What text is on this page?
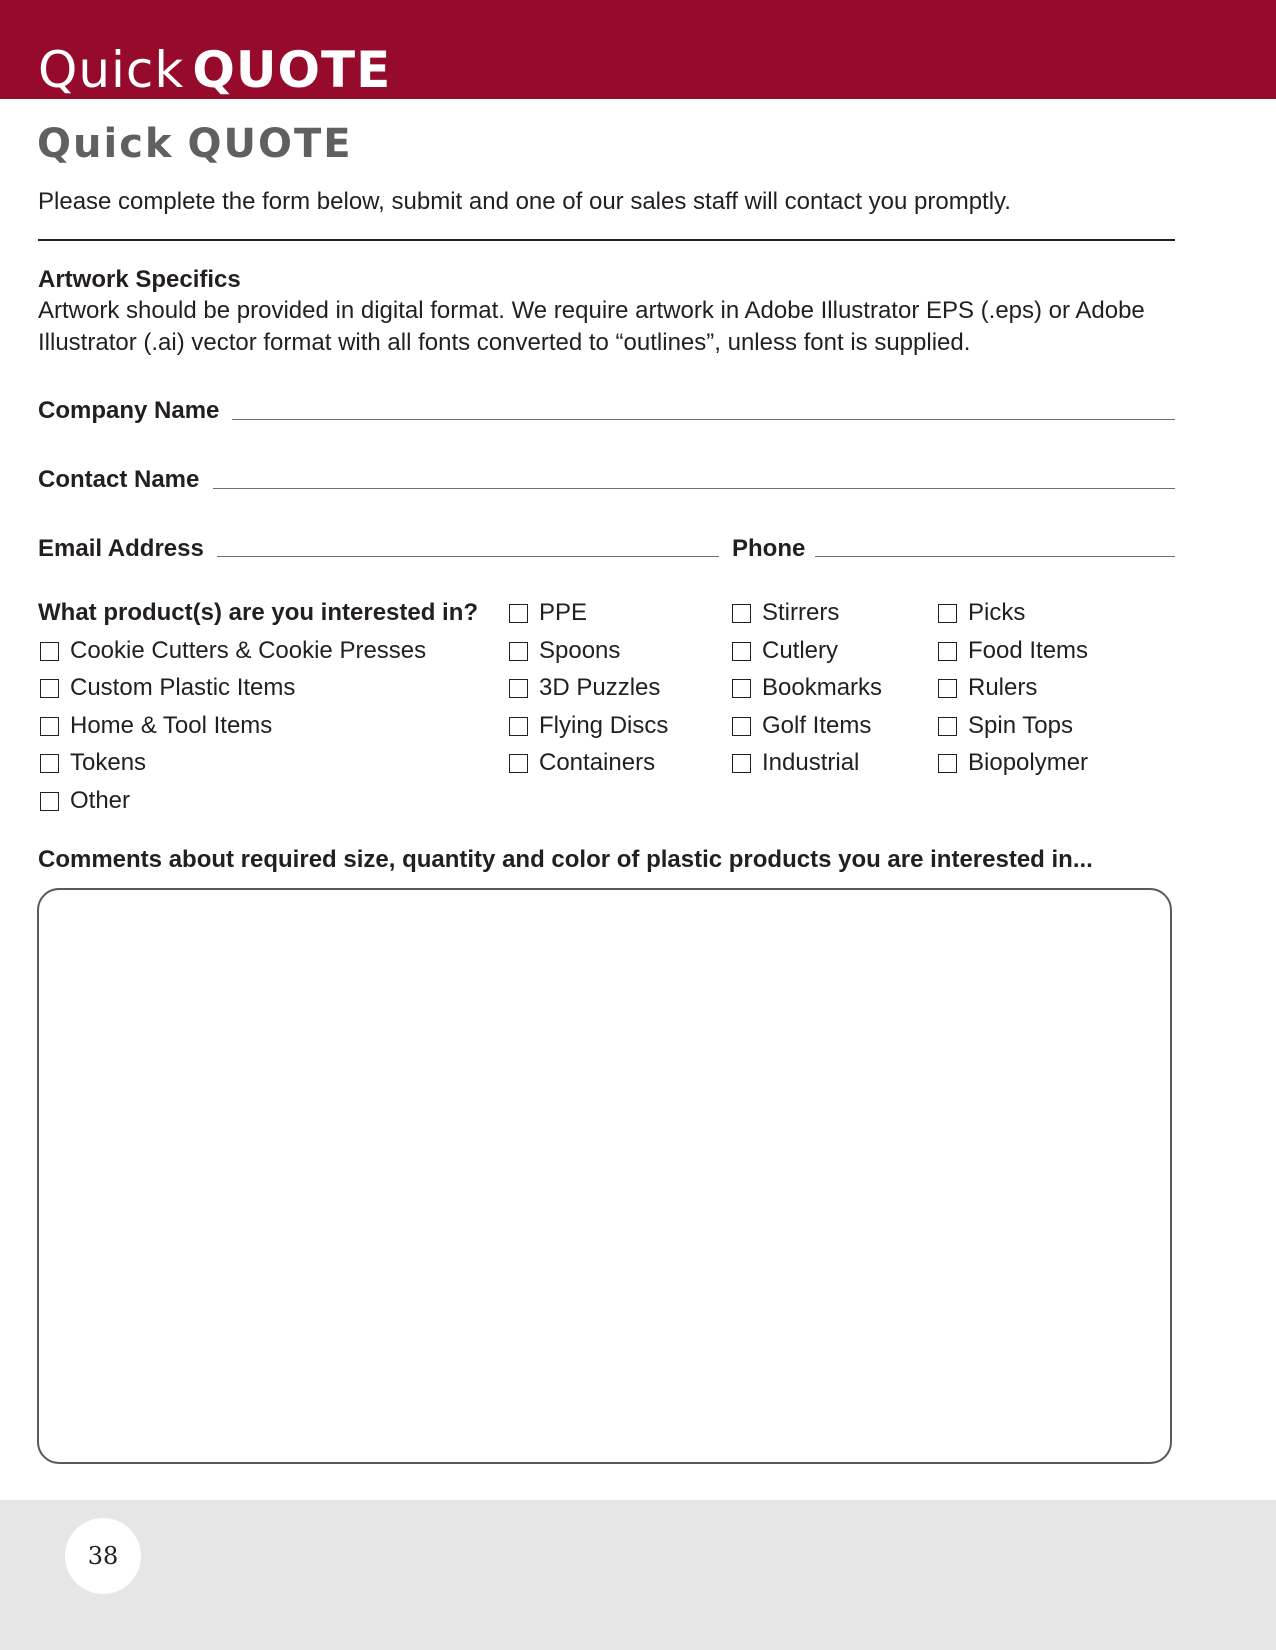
Quick QUOTE
Quick QUOTE
Please complete the form below, submit and one of our sales staff will contact you promptly.
Artwork Specifics
Artwork should be provided in digital format. We require artwork in Adobe Illustrator EPS (.eps) or Adobe Illustrator (.ai) vector format with all fonts converted to “outlines”, unless font is supplied.
Company Name
Contact Name
Email Address	Phone
What product(s) are you interested in?
Cookie Cutters & Cookie Presses
Custom Plastic Items
Home & Tool Items
Tokens
Other
PPE
Spoons
3D Puzzles
Flying Discs
Containers
Stirrers
Cutlery
Bookmarks
Golf Items
Industrial
Picks
Food Items
Rulers
Spin Tops
Biopolymer
Comments about required size, quantity and color of plastic products you are interested in...
38
